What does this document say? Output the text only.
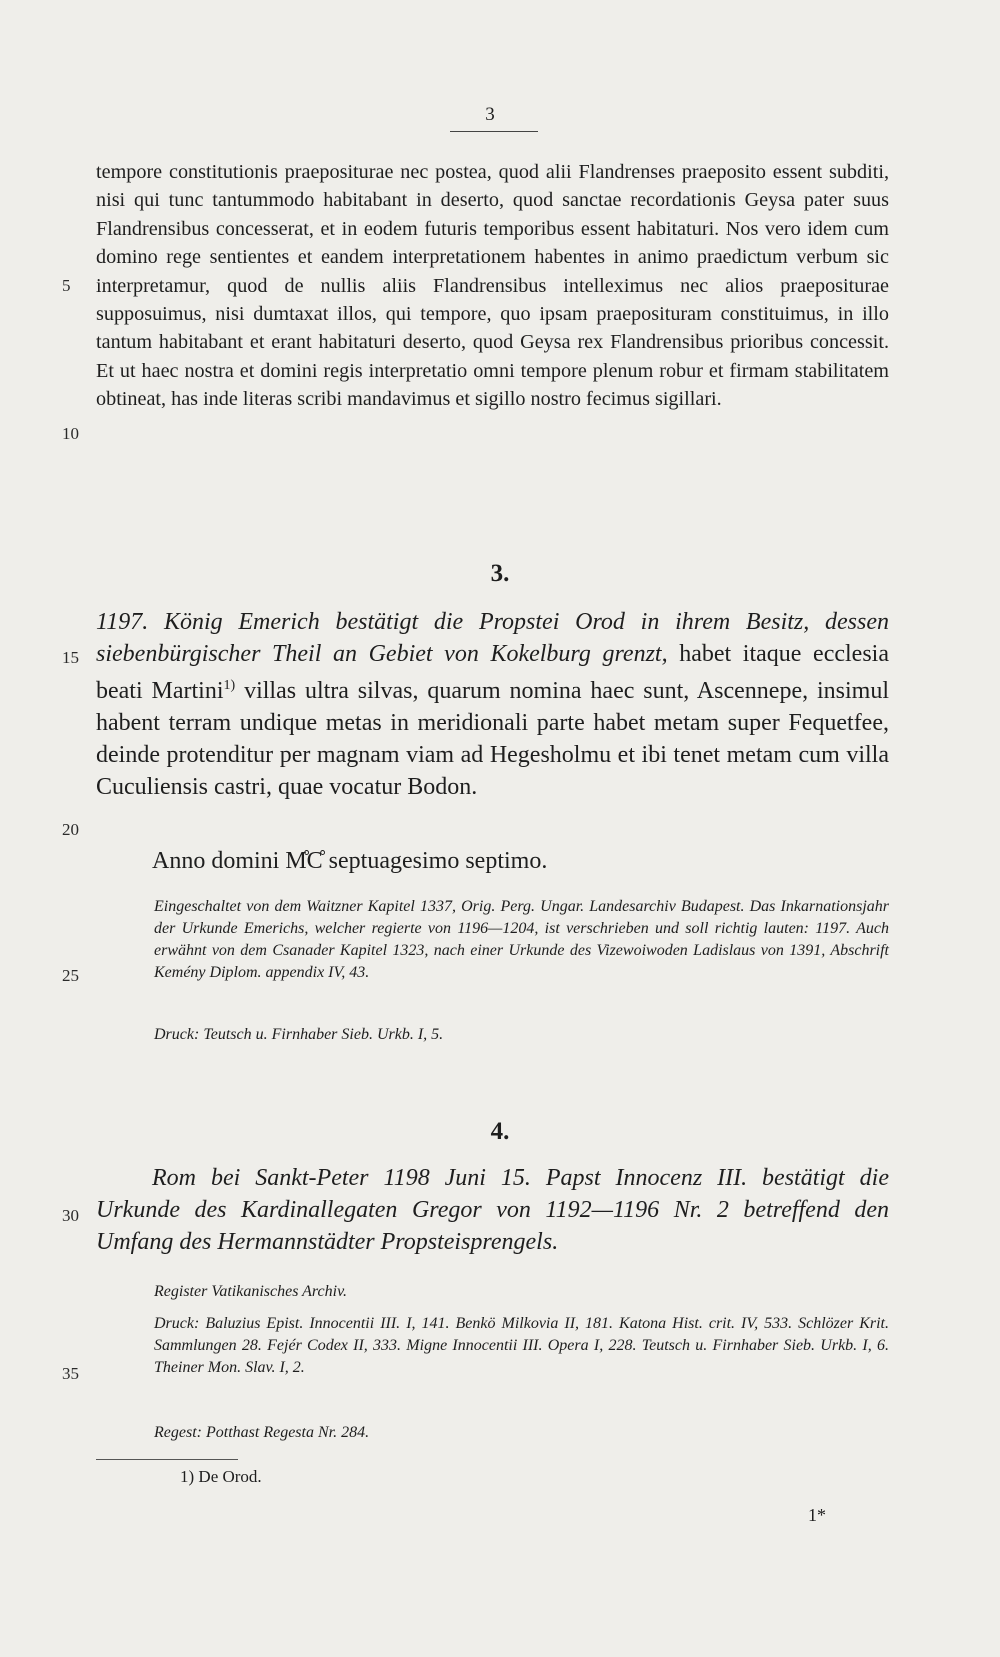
3
5
10
15
20
25
30
35

tempore constitutionis praepositurae nec postea, quod alii Flandrenses praeposito essent subditi, nisi qui tunc tantummodo habitabant in deserto, quod sanctae recordationis Geysa pater suus Flandrensibus concesserat, et in eodem futuris temporibus essent habitaturi. Nos vero idem cum domino rege sentientes et eandem interpretationem habentes in animo praedictum verbum sic interpretamur, quod de nullis aliis Flandrensibus intelleximus nec alios praepositurae supposuimus, nisi dumtaxat illos, qui tempore, quo ipsam praeposituram constituimus, in illo tantum habitabant et erant habitaturi deserto, quod Geysa rex Flandrensibus prioribus concessit. Et ut haec nostra et domini regis interpretatio omni tempore plenum robur et firmam stabilitatem obtineat, has inde literas scribi mandavimus et sigillo nostro fecimus sigillari.

3.

1197. König Emerich bestätigt die Propstei Orod in ihrem Besitz, dessen siebenbürgischer Theil an Gebiet von Kokelburg grenzt, habet itaque ecclesia beati Martini$^{1)}$ villas ultra silvas, quarum nomina haec sunt, Ascennepe, insimul habent terram undique metas in meridionali parte habet metam super Fequetfee, deinde protenditur per magnam viam ad Hegesholmu et ibi tenet metam cum villa Cuculiensis castri, quae vocatur Bodon.

Anno domini M̊C̊ septuagesimo septimo.

Eingeschaltet von dem Waitzner Kapitel 1337, Orig. Perg. Ungar. Landesarchiv Budapest. Das Inkarnationsjahr der Urkunde Emerichs, welcher regierte von 1196—1204, ist verschrieben und soll richtig lauten: 1197. Auch erwähnt von dem Csanader Kapitel 1323, nach einer Urkunde des Vizewoiwoden Ladislaus von 1391, Abschrift Kemény Diplom. appendix IV, 43.

Druck: Teutsch u. Firnhaber Sieb. Urkb. I, 5.

4.

Rom bei Sankt-Peter 1198 Juni 15. Papst Innocenz III. bestätigt die Urkunde des Kardinallegaten Gregor von 1192—1196 Nr. 2 betreffend den Umfang des Hermannstädter Propsteisprengels.

Register Vatikanisches Archiv.

Druck: Baluzius Epist. Innocentii III. I, 141. Benkö Milkovia II, 181. Katona Hist. crit. IV, 533. Schlözer Krit. Sammlungen 28. Fejér Codex II, 333. Migne Innocentii III. Opera I, 228. Teutsch u. Firnhaber Sieb. Urkb. I, 6. Theiner Mon. Slav. I, 2.

Regest: Potthast Regesta Nr. 284.

1) De Orod.
1*
